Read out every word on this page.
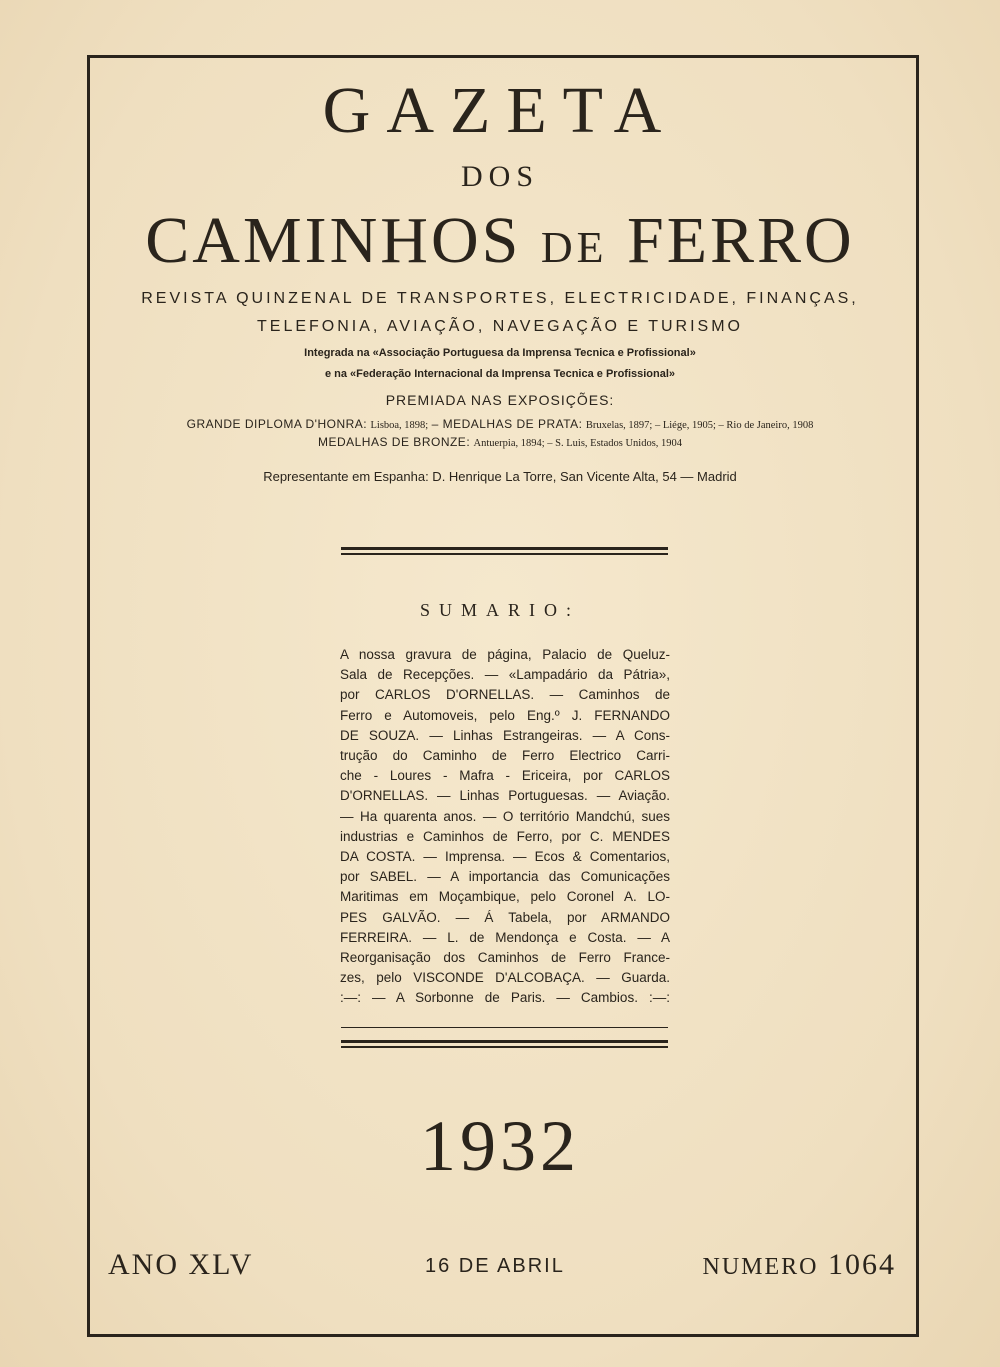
GAZETA
DOS
CAMINHOS DE FERRO
REVISTA QUINZENAL DE TRANSPORTES, ELECTRICIDADE, FINANÇAS,
TELEFONIA, AVIAÇÃO, NAVEGAÇÃO E TURISMO
Integrada na «Associação Portuguesa da Imprensa Tecnica e Profissional»
e na «Federação Internacional da Imprensa Tecnica e Profissional»
PREMIADA NAS EXPOSIÇÕES:
GRANDE DIPLOMA D'HONRA: Lisboa, 1898; – MEDALHAS DE PRATA: Bruxelas, 1897; – Liége, 1905; – Rio de Janeiro, 1908
MEDALHAS DE BRONZE: Antuerpia, 1894; – S. Luis, Estados Unidos, 1904
Representante em Espanha: D. Henrique La Torre, San Vicente Alta, 54 — Madrid
SUMARIO:
A nossa gravura de página, Palacio de Queluz-
Sala de Recepções. — «Lampadário da Pátria»,
por CARLOS D'ORNELLAS. — Caminhos de
Ferro e Automoveis, pelo Eng.º J. FERNANDO
DE SOUZA. — Linhas Estrangeiras. — A Cons-
trução do Caminho de Ferro Electrico Carri-
che - Loures - Mafra - Ericeira, por CARLOS
D'ORNELLAS. — Linhas Portuguesas. — Aviação.
— Ha quarenta anos. — O território Mandchú, sues
industrias e Caminhos de Ferro, por C. MENDES
DA COSTA. — Imprensa. — Ecos & Comentarios,
por SABEL. — A importancia das Comunicações
Maritimas em Moçambique, pelo Coronel A. LO-
PES GALVÃO. — Á Tabela, por ARMANDO
FERREIRA. — L. de Mendonça e Costa. — A
Reorganisação dos Caminhos de Ferro France-
zes, pelo VISCONDE D'ALCOBAÇA. — Guarda.
:—: — A Sorbonne de Paris. — Cambios. :—:
1932
ANO XLV	16 DE ABRIL	NUMERO 1064
